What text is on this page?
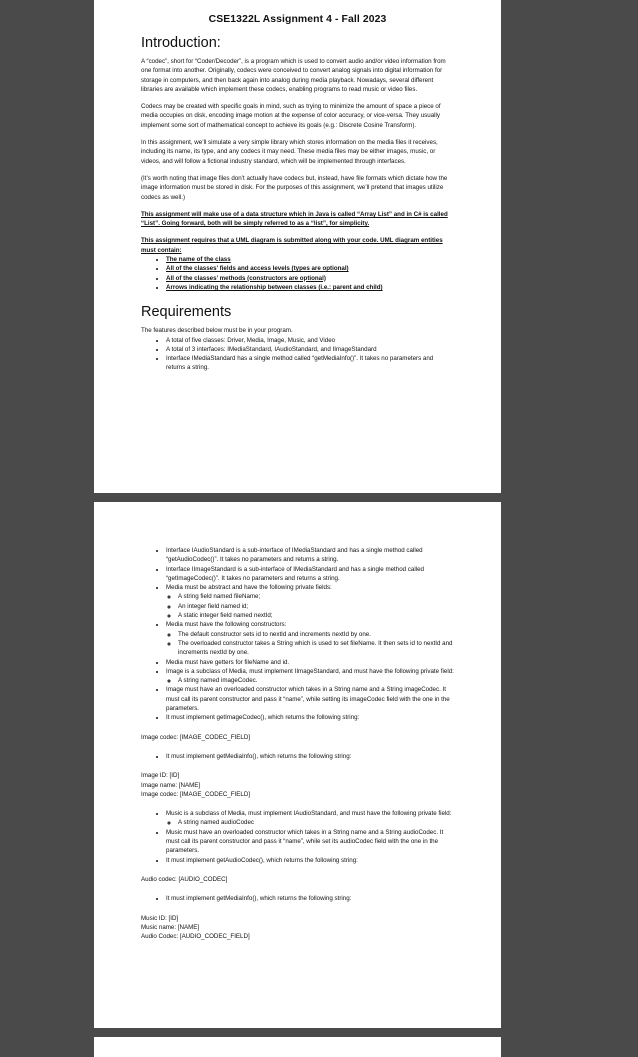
CSE1322L Assignment 4 - Fall 2023
Introduction:

A “codec”, short for “Coder/Decoder”, is a program which is used to convert audio and/or video information from one format into another. Originally, codecs were conceived to convert analog signals into digital information for storage in computers, and then back again into analog during media playback. Nowadays, several different libraries are available which implement these codecs, enabling programs to read music or video files.

Codecs may be created with specific goals in mind, such as trying to minimize the amount of space a piece of media occupies on disk, encoding image motion at the expense of color accuracy, or vice-versa. They usually implement some sort of mathematical concept to achieve its goals (e.g.: Discrete Cosine Transform).

In this assignment, we’ll simulate a very simple library which stores information on the media files it receives, including its name, its type, and any codecs it may need. These media files may be either images, music, or videos, and will follow a fictional industry standard, which will be implemented through interfaces.

(It’s worth noting that image files don’t actually have codecs but, instead, have file formats which dictate how the image information must be stored in disk. For the purposes of this assignment, we’ll pretend that images utilize codecs as well.)

This assignment will make use of a data structure which in Java is called “Array List” and in C# is called “List”. Going forward, both will be simply referred to as a “list”, for simplicity.

This assignment requires that a UML diagram is submitted along with your code. UML diagram entities must contain:

• The name of the class
• All of the classes’ fields and access levels (types are optional)
• All of the classes’ methods (constructors are optional)
• Arrows indicating the relationship between classes (i.e.: parent and child)
Requirements

The features described below must be in your program.

• A total of five classes: Driver, Media, Image, Music, and Video
• A total of 3 interfaces: IMediaStandard, IAudioStandard, and IImageStandard
• Interface IMediaStandard has a single method called “getMediaInfo()”. It takes no parameters and returns a string.
• Interface IAudioStandard is a sub-interface of IMediaStandard and has a single method called “getAudioCodec()”. It takes no parameters and returns a string.
• Interface IImageStandard is a sub-interface of IMediaStandard and has a single method called “getImageCodec()”. It takes no parameters and returns a string.
• Media must be abstract and have the following private fields:
◦ A string field named fileName;
◦ An integer field named id;
◦ A static integer field named nextId;
• Media must have the following constructors:
◦ The default constructor sets id to nextId and increments nextId by one.
◦ The overloaded constructor takes a String which is used to set fileName. It then sets id to nextId and increments nextId by one.
• Media must have getters for fileName and id.
• Image is a subclass of Media, must implement IImageStandard, and must have the following private field:
◦ A string named imageCodec.
• Image must have an overloaded constructor which takes in a String name and a String imageCodec. It must call its parent constructor and pass it “name”, while setting its imageCodec field with the one in the parameters.
• It must implement getImageCodec(), which returns the following string:
Image codec: [IMAGE_CODEC_FIELD]
• It must implement getMediaInfo(), which returns the following string:
Image ID: [ID]
Image name: [NAME]
Image codec: [IMAGE_CODEC_FIELD]
• Music is a subclass of Media, must implement IAudioStandard, and must have the following private field:
◦ A string named audioCodec
• Music must have an overloaded constructor which takes in a String name and a String audioCodec. It must call its parent constructor and pass it “name”, while set its audioCodec field with the one in the parameters.
• It must implement getAudioCodec(), which returns the following string:
Audio codec: [AUDIO_CODEC]
• It must implement getMediaInfo(), which returns the following string:
Music ID: [ID]
Music name: [NAME]
Audio Codec: [AUDIO_CODEC_FIELD]
